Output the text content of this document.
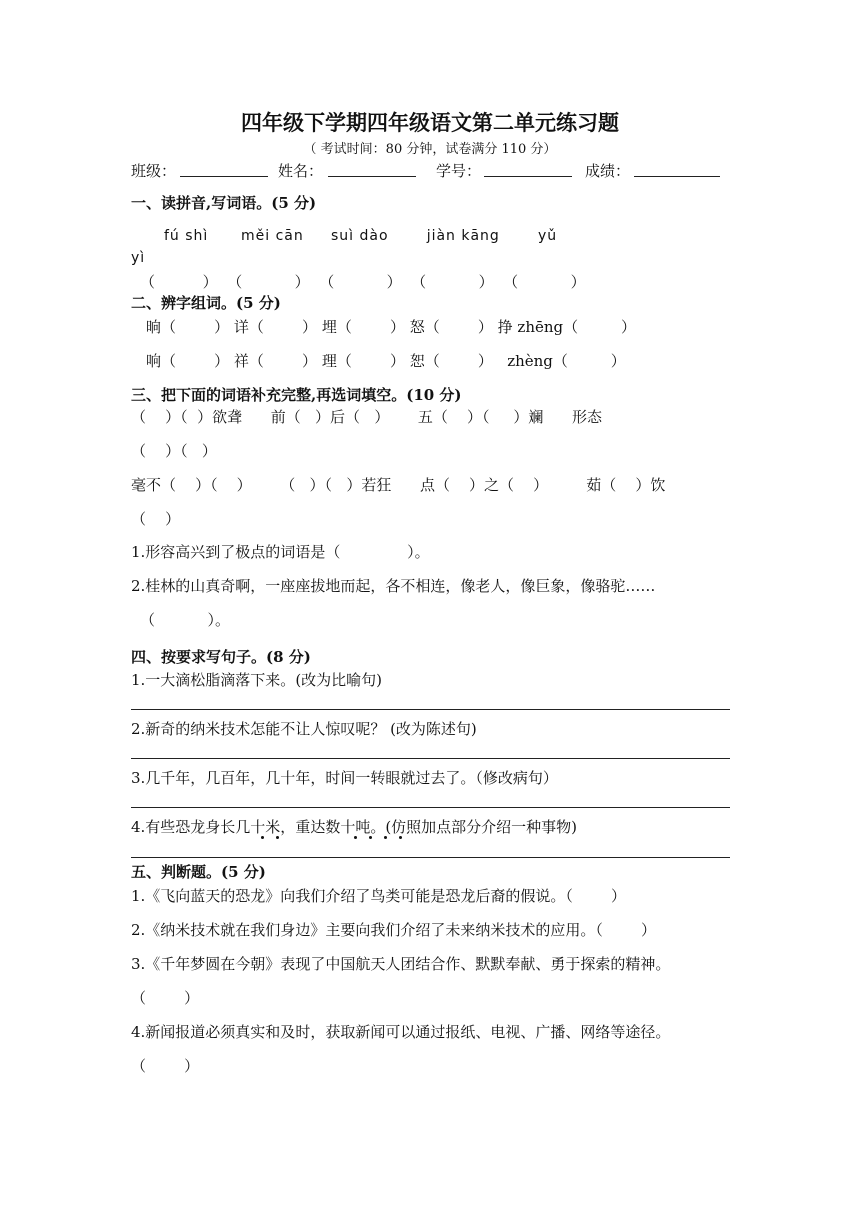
四年级下学期四年级语文第二单元练习题
（ 考试时间：80 分钟，试卷满分 110 分）
班级：	姓名：	学号：	成绩：
一、读拼音,写词语。(5 分)
fú shì      měi cān     suì dào       jiàn kāng       yǔ
yì
（          ）  （           ）  （           ）  （           ）  （           ）
二、辨字组词。(5 分)
晌（        ） 详（        ） 埋（        ） 怒（        ） 挣 zhēng（         ）
响（        ） 祥（        ） 理（        ） 恕（        ）   zhèng（         ）
三、把下面的词语补充完整,再选词填空。(10 分)
（    ）（  ）欲聋      前（   ）后（   ）      五（    ）（     ）斓      形态
（    ）（   ）
毫不（    ）（    ）      （   ）（   ）若狂      点（    ）之（    ）        茹（    ）饮
（    ）
1.形容高兴到了极点的词语是（              ）。
2.桂林的山真奇啊，一座座拔地而起，各不相连，像老人，像巨象，像骆驼……
（           ）。
四、按要求写句子。(8 分)
1.一大滴松脂滴落下来。(改为比喻句)
2.新奇的纳米技术怎能不让人惊叹呢？ (改为陈述句)
3.几千年，几百年，几十年，时间一转眼就过去了。（修改病句）
4.有些恐龙身长几十米，重达数十吨。(仿照加点部分介绍一种事物)
五、判断题。(5 分)
1.《飞向蓝天的恐龙》向我们介绍了鸟类可能是恐龙后裔的假说。（        ）
2.《纳米技术就在我们身边》主要向我们介绍了未来纳米技术的应用。（        ）
3.《千年梦圆在今朝》表现了中国航天人团结合作、默默奉献、勇于探索的精神。
（        ）
4.新闻报道必须真实和及时，获取新闻可以通过报纸、电视、广播、网络等途径。
（        ）
